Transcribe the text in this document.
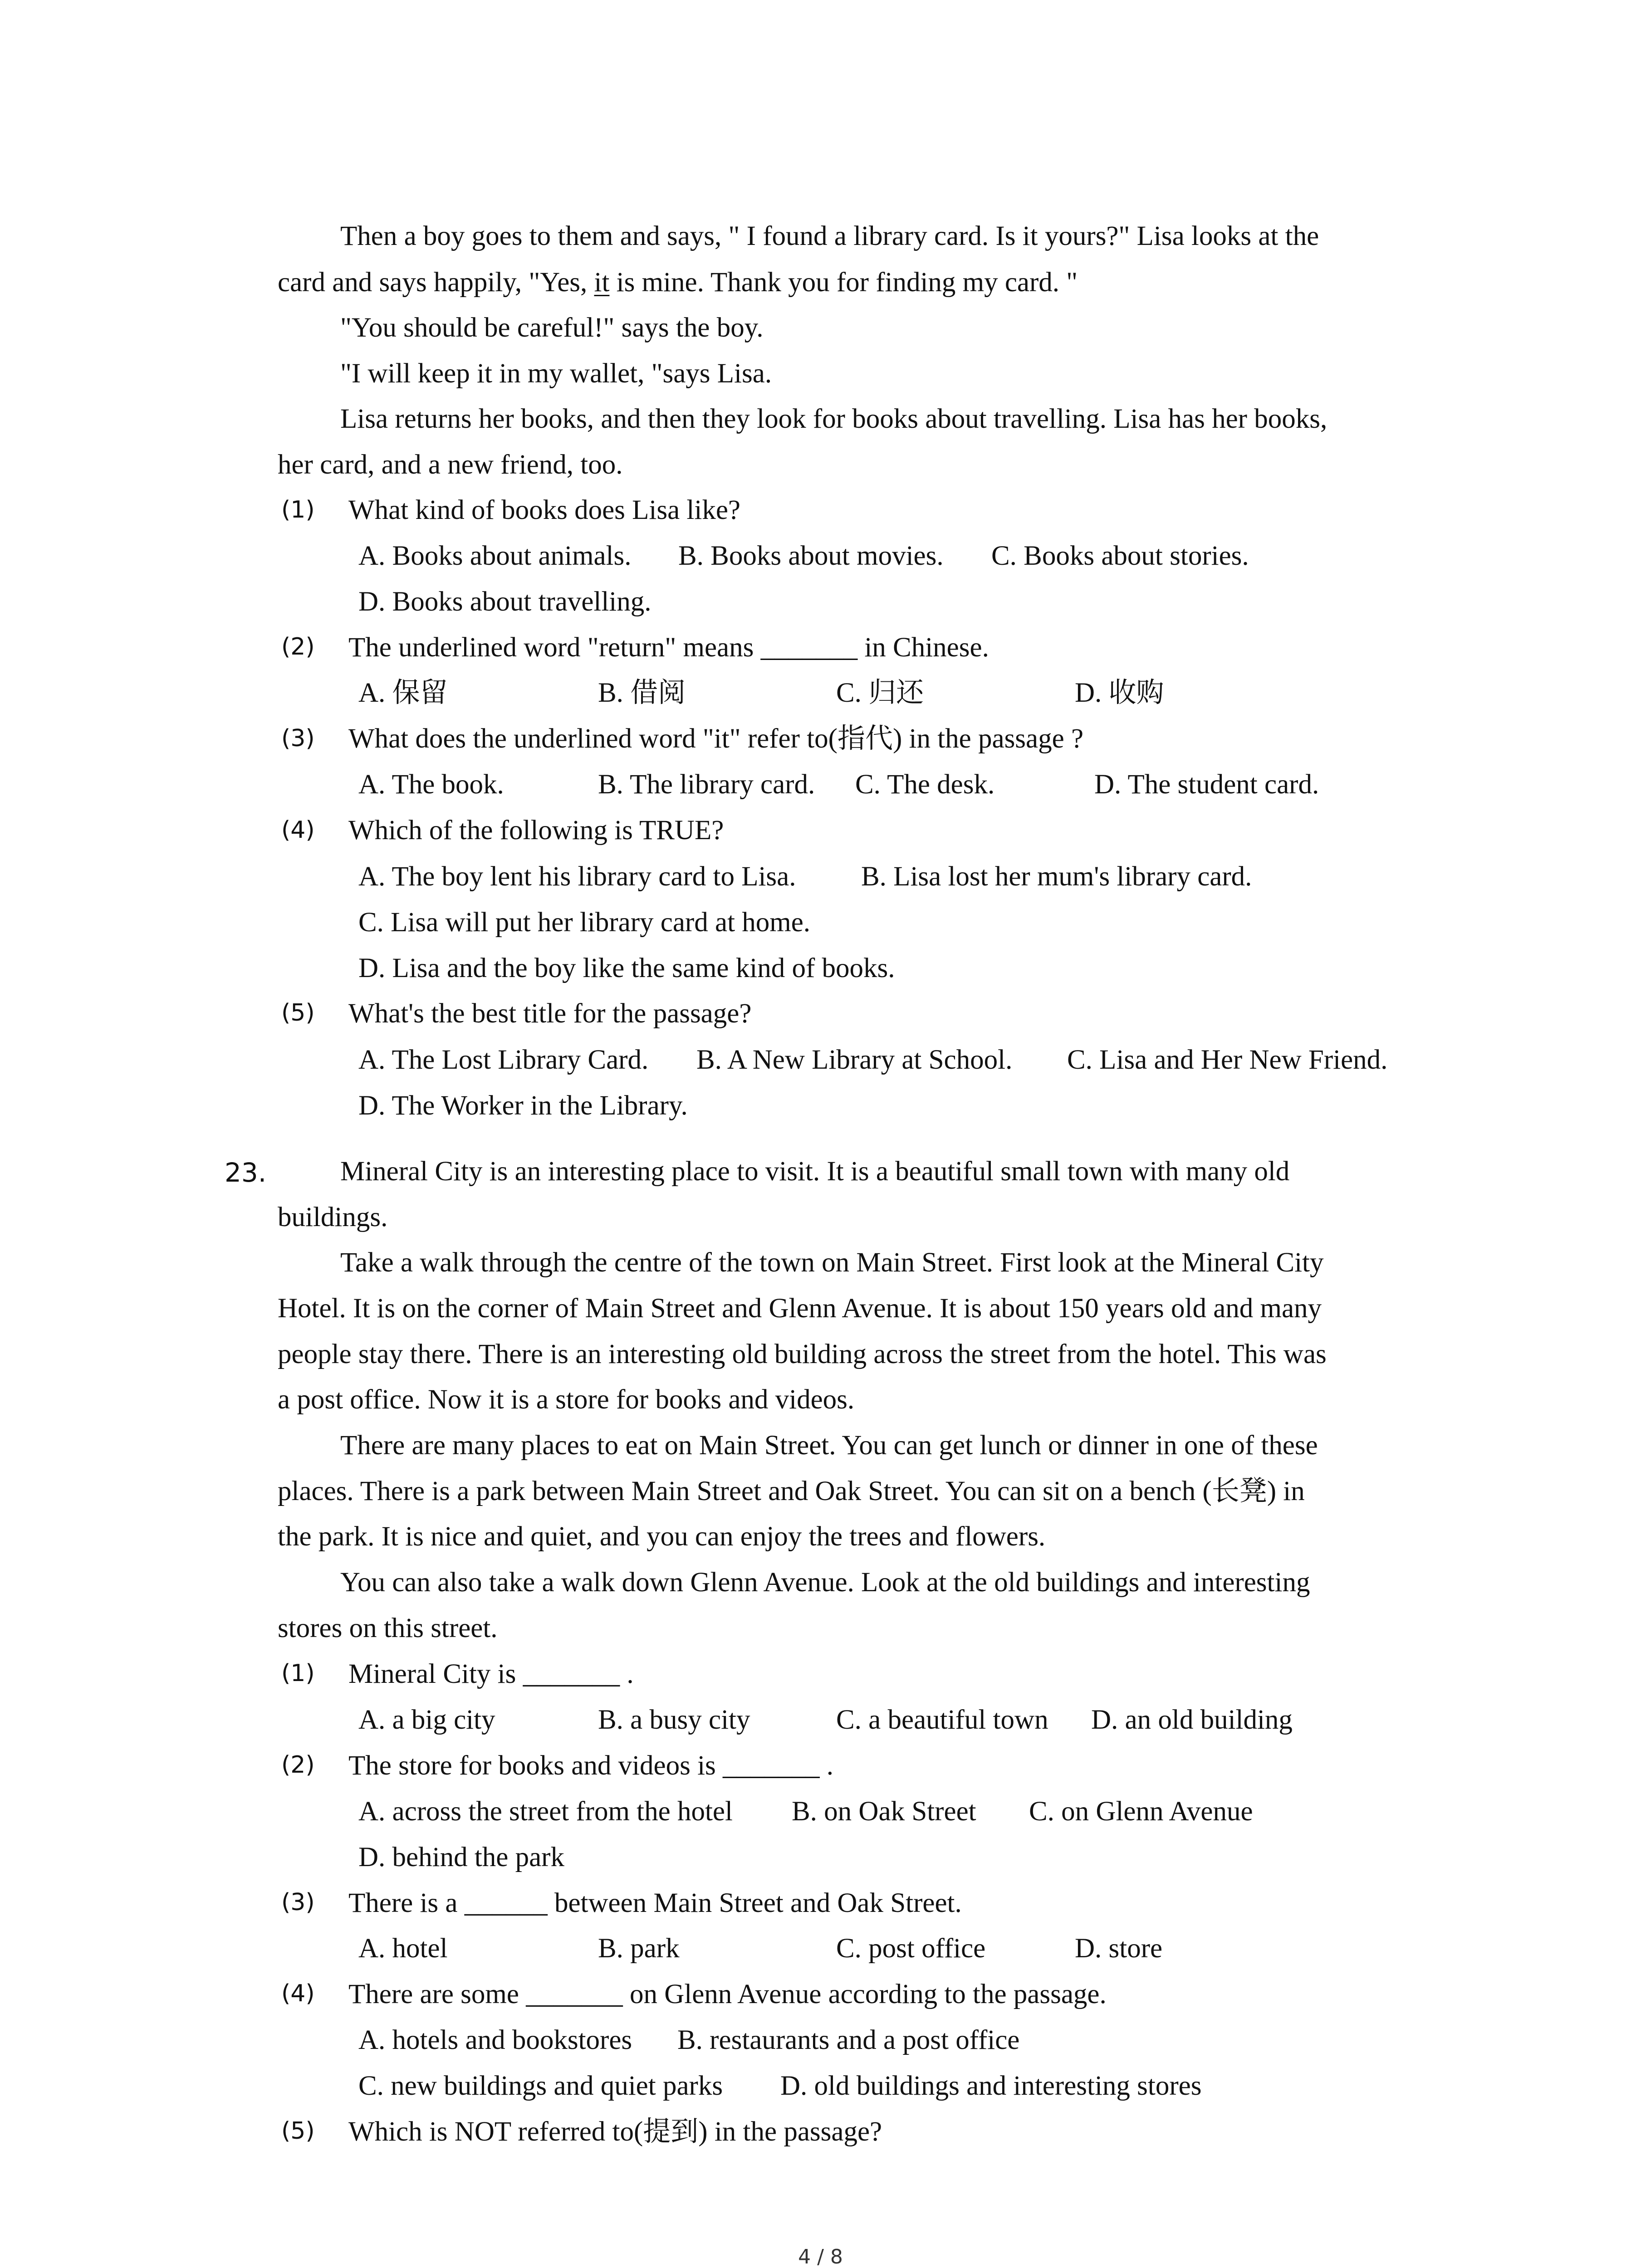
Then a boy goes to them and says, " I found a library card. Is it yours?" Lisa looks at the
card and says happily, "Yes, it is mine. Thank you for finding my card. "
"You should be careful!" says the boy.
"I will keep it in my wallet, "says Lisa.
Lisa returns her books, and then they look for books about travelling. Lisa has her books,
her card, and a new friend, too.
(1) What kind of books does Lisa like?
A. Books about animals. B. Books about movies. C. Books about stories.
D. Books about travelling.
(2) The underlined word "return" means _______ in Chinese.
A. 保留	B. 借阅	C. 归还	D. 收购
(3) What does the underlined word "it" refer to(指代) in the passage ?
A. The book.	B. The library card. C. The desk.	D. The student card.
(4) Which of the following is TRUE?
A. The boy lent his library card to Lisa. B. Lisa lost her mum's library card.
C. Lisa will put her library card at home.
D. Lisa and the boy like the same kind of books.
(5) What's the best title for the passage?
A. The Lost Library Card. B. A New Library at School. C. Lisa and Her New Friend.
D. The Worker in the Library.
23.	Mineral City is an interesting place to visit. It is a beautiful small town with many old
buildings.
Take a walk through the centre of the town on Main Street. First look at the Mineral City
Hotel. It is on the corner of Main Street and Glenn Avenue. It is about 150 years old and many
people stay there. There is an interesting old building across the street from the hotel. This was
a post office. Now it is a store for books and videos.
There are many places to eat on Main Street. You can get lunch or dinner in one of these
places. There is a park between Main Street and Oak Street. You can sit on a bench (长凳) in
the park. It is nice and quiet, and you can enjoy the trees and flowers.
You can also take a walk down Glenn Avenue. Look at the old buildings and interesting
stores on this street.
(1) Mineral City is _______ .
A. a big city	B. a busy city	C. a beautiful town D. an old building
(2) The store for books and videos is _______ .
A. across the street from the hotel B. on Oak Street C. on Glenn Avenue
D. behind the park
(3) There is a ______ between Main Street and Oak Street.
A. hotel	B. park	C. post office	D. store
(4) There are some _______ on Glenn Avenue according to the passage.
A. hotels and bookstores B. restaurants and a post office
C. new buildings and quiet parks D. old buildings and interesting stores
(5) Which is NOT referred to(提到) in the passage?
4 / 8
